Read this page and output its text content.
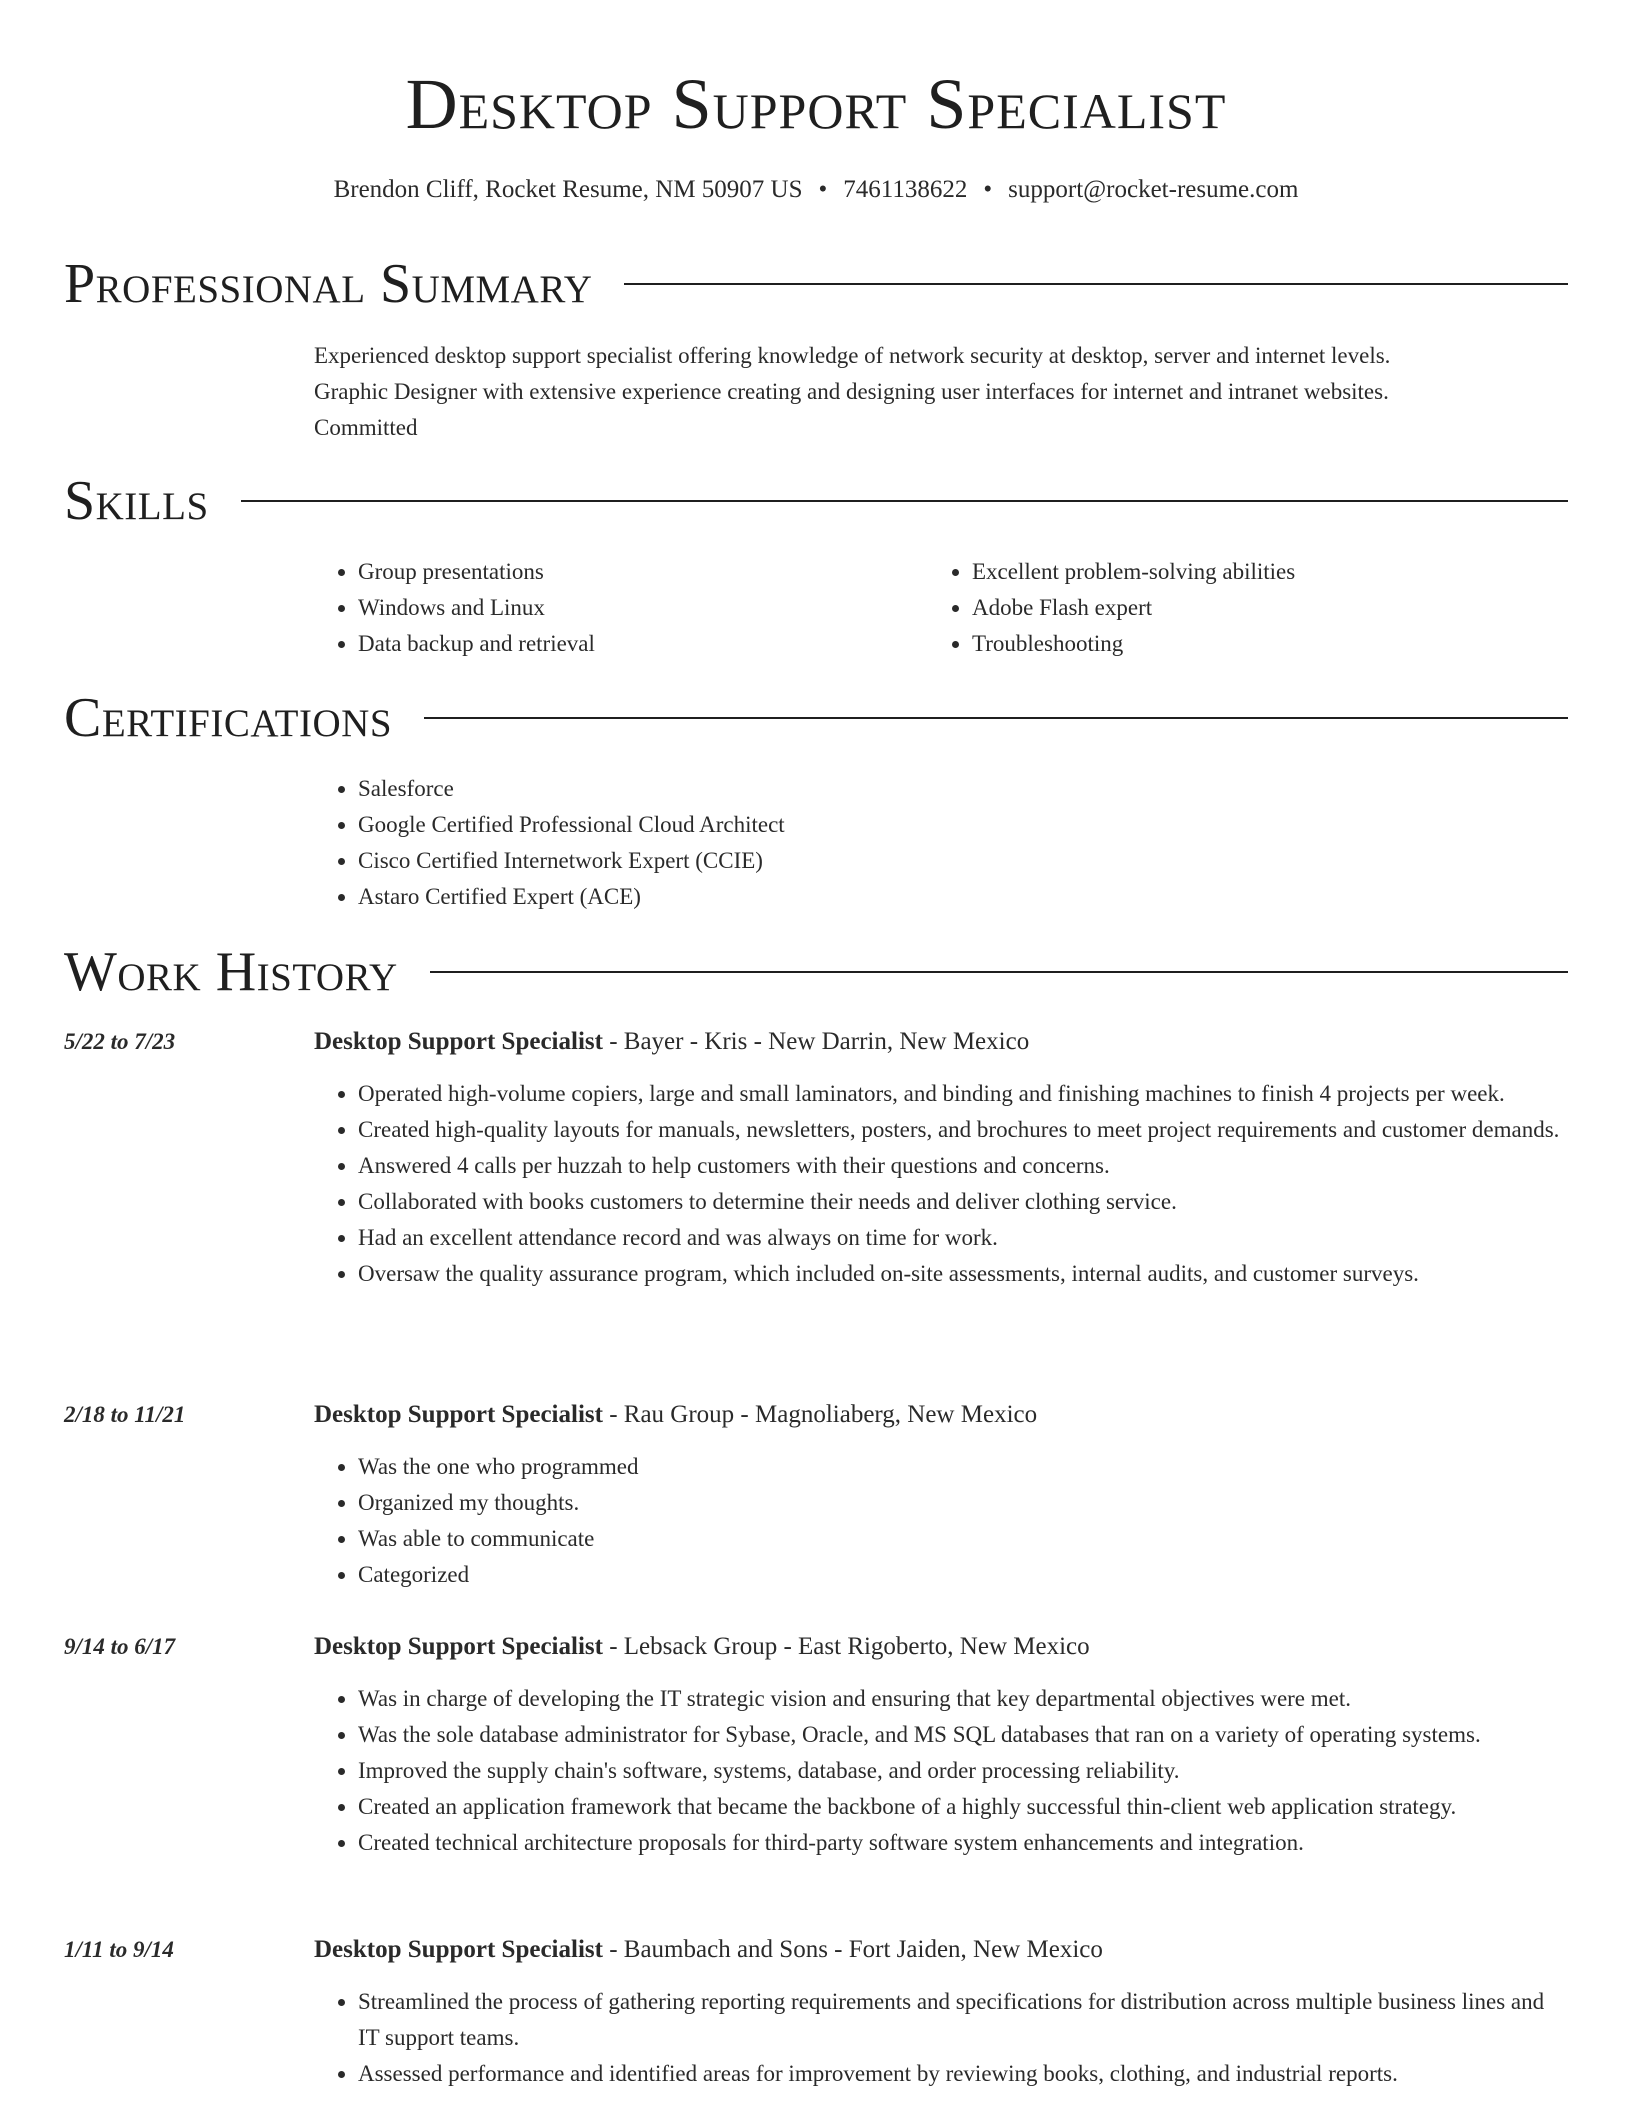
Desktop Support Specialist
Brendon Cliff, Rocket Resume, NM 50907 US • 7461138622 • support@rocket-resume.com
Professional Summary
Experienced desktop support specialist offering knowledge of network security at desktop, server and internet levels.
Graphic Designer with extensive experience creating and designing user interfaces for internet and intranet websites.
Committed
Skills
• Group presentations
• Windows and Linux
• Data backup and retrieval
• Excellent problem-solving abilities
• Adobe Flash expert
• Troubleshooting
Certifications
• Salesforce
• Google Certified Professional Cloud Architect
• Cisco Certified Internetwork Expert (CCIE)
• Astaro Certified Expert (ACE)
Work History
5/22 to 7/23	Desktop Support Specialist - Bayer - Kris - New Darrin, New Mexico
• Operated high-volume copiers, large and small laminators, and binding and finishing machines to finish 4 projects per week.
• Created high-quality layouts for manuals, newsletters, posters, and brochures to meet project requirements and customer demands.
• Answered 4 calls per huzzah to help customers with their questions and concerns.
• Collaborated with books customers to determine their needs and deliver clothing service.
• Had an excellent attendance record and was always on time for work.
• Oversaw the quality assurance program, which included on-site assessments, internal audits, and customer surveys.
2/18 to 11/21	Desktop Support Specialist - Rau Group - Magnoliaberg, New Mexico
• Was the one who programmed
• Organized my thoughts.
• Was able to communicate
• Categorized
9/14 to 6/17	Desktop Support Specialist - Lebsack Group - East Rigoberto, New Mexico
• Was in charge of developing the IT strategic vision and ensuring that key departmental objectives were met.
• Was the sole database administrator for Sybase, Oracle, and MS SQL databases that ran on a variety of operating systems.
• Improved the supply chain's software, systems, database, and order processing reliability.
• Created an application framework that became the backbone of a highly successful thin-client web application strategy.
• Created technical architecture proposals for third-party software system enhancements and integration.
1/11 to 9/14	Desktop Support Specialist - Baumbach and Sons - Fort Jaiden, New Mexico
• Streamlined the process of gathering reporting requirements and specifications for distribution across multiple business lines and IT support teams.
• Assessed performance and identified areas for improvement by reviewing books, clothing, and industrial reports.
